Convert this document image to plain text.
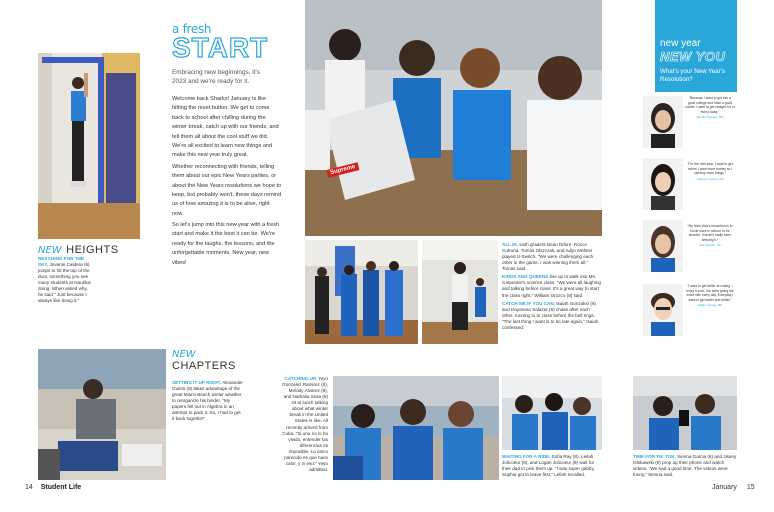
NEW HEIGHTS
REACHING FOR THE SKY, Jovanni Caldera (6) jumps to hit the top of the door, something you see many students at Nautilus doing. When asked why, he said " Just because I always like doing it."
a fresh
START
Embracing new beginnings, it's 2023 and we're ready for it.

Welcome back Sharks! January is like hitting the reset button. We get to come back to school after chilling during the winter break, catch up with our friends, and tell them all about the cool stuff we did. We're all excited to learn new things and make this new year truly great.

Whether reconnecting with friends, telling them about our epic New Years parties, or about the New Years resolutions we hope to keep, but probably won't, these days remind us of how amazing it is to be alive, right now.

So let's jump into this new year with a fresh start and make it the best it can be. We're ready for the laughs, the lessons, and the unforgettable moments. New year, new vibes!

NEW
CHAPTERS
SETTING IT UP RIGHT, Alexander Guisto (8) takes advantage of the great Miami Beach winter weather to reorganize his binder. "My papers fell out in Algebra in an attempt to pack it. So, I had to get it back together"
CATCHING UP, Yeyo Gonzalez Ramirez (8), Melody Alvarez (8), and Nathalia Sosa (8) sit at lunch talking about what winter break in the United States is like. All recently arrived from Cuba. "Si uno no lo ha vivido, entender las diferencias es imposible. Lo único parecido es que hace calor, y ni eso." Yeyo admitted.
14 Student Life
Supreme
ALL IN, sixth graders Dean Difore, Rocco Cutrona, Tomas Olszczak, and Adyn Meltzer played U-Switch. "We were challenging each other in the game. I was winning them all," Tomas said.
KINGS AND QUEENS line up to walk into Ms. Carpenter's science class. "We were all laughing and talking before class. It's a great way to start the class right," William Orozco (8) said.
CATCH ME IF YOU CAN, Isaiah Gonzalez (6) and Dayanara Salazar (6) chase after each other, running to to class before the bell rings. "The last thing I want is to be late again," Isaiah confessed.
new year
NEW YOU
What's your New Year's Resolution?
"Because I want to get into a good college and have a good career, I want to get straight A's in every class."
Sophie Tschanz, 8th
"For the new year, I want to get richer! I want more money so I can buy more things."
Yasmine Lucien, 6th
"My New Year's resolution is to focus more in school, to be smarter. I haven't really been keeping it."
Ava Alvarez, 7th
"I want to get better at coding. I enjoy it a lot. I've been going the extra mile every day. Everyday I want to get better and better."
Ethan Hyman, 8th
WAITING FOR A RIDE, Sofia Ray (8), Leilah Jolicoeur (8), and Logan Jolicoeur (8) wait for their dad to pick them up. "I was super gabby, Sophia got to leave first," Leilah recalled.
TIME FOR TIK TOK, Sienna Garcia (6) and Jisany Ishikawski (6) prop up their phone and watch videos. "We had a good time. The videos were funny," Sienna said.
January 15
